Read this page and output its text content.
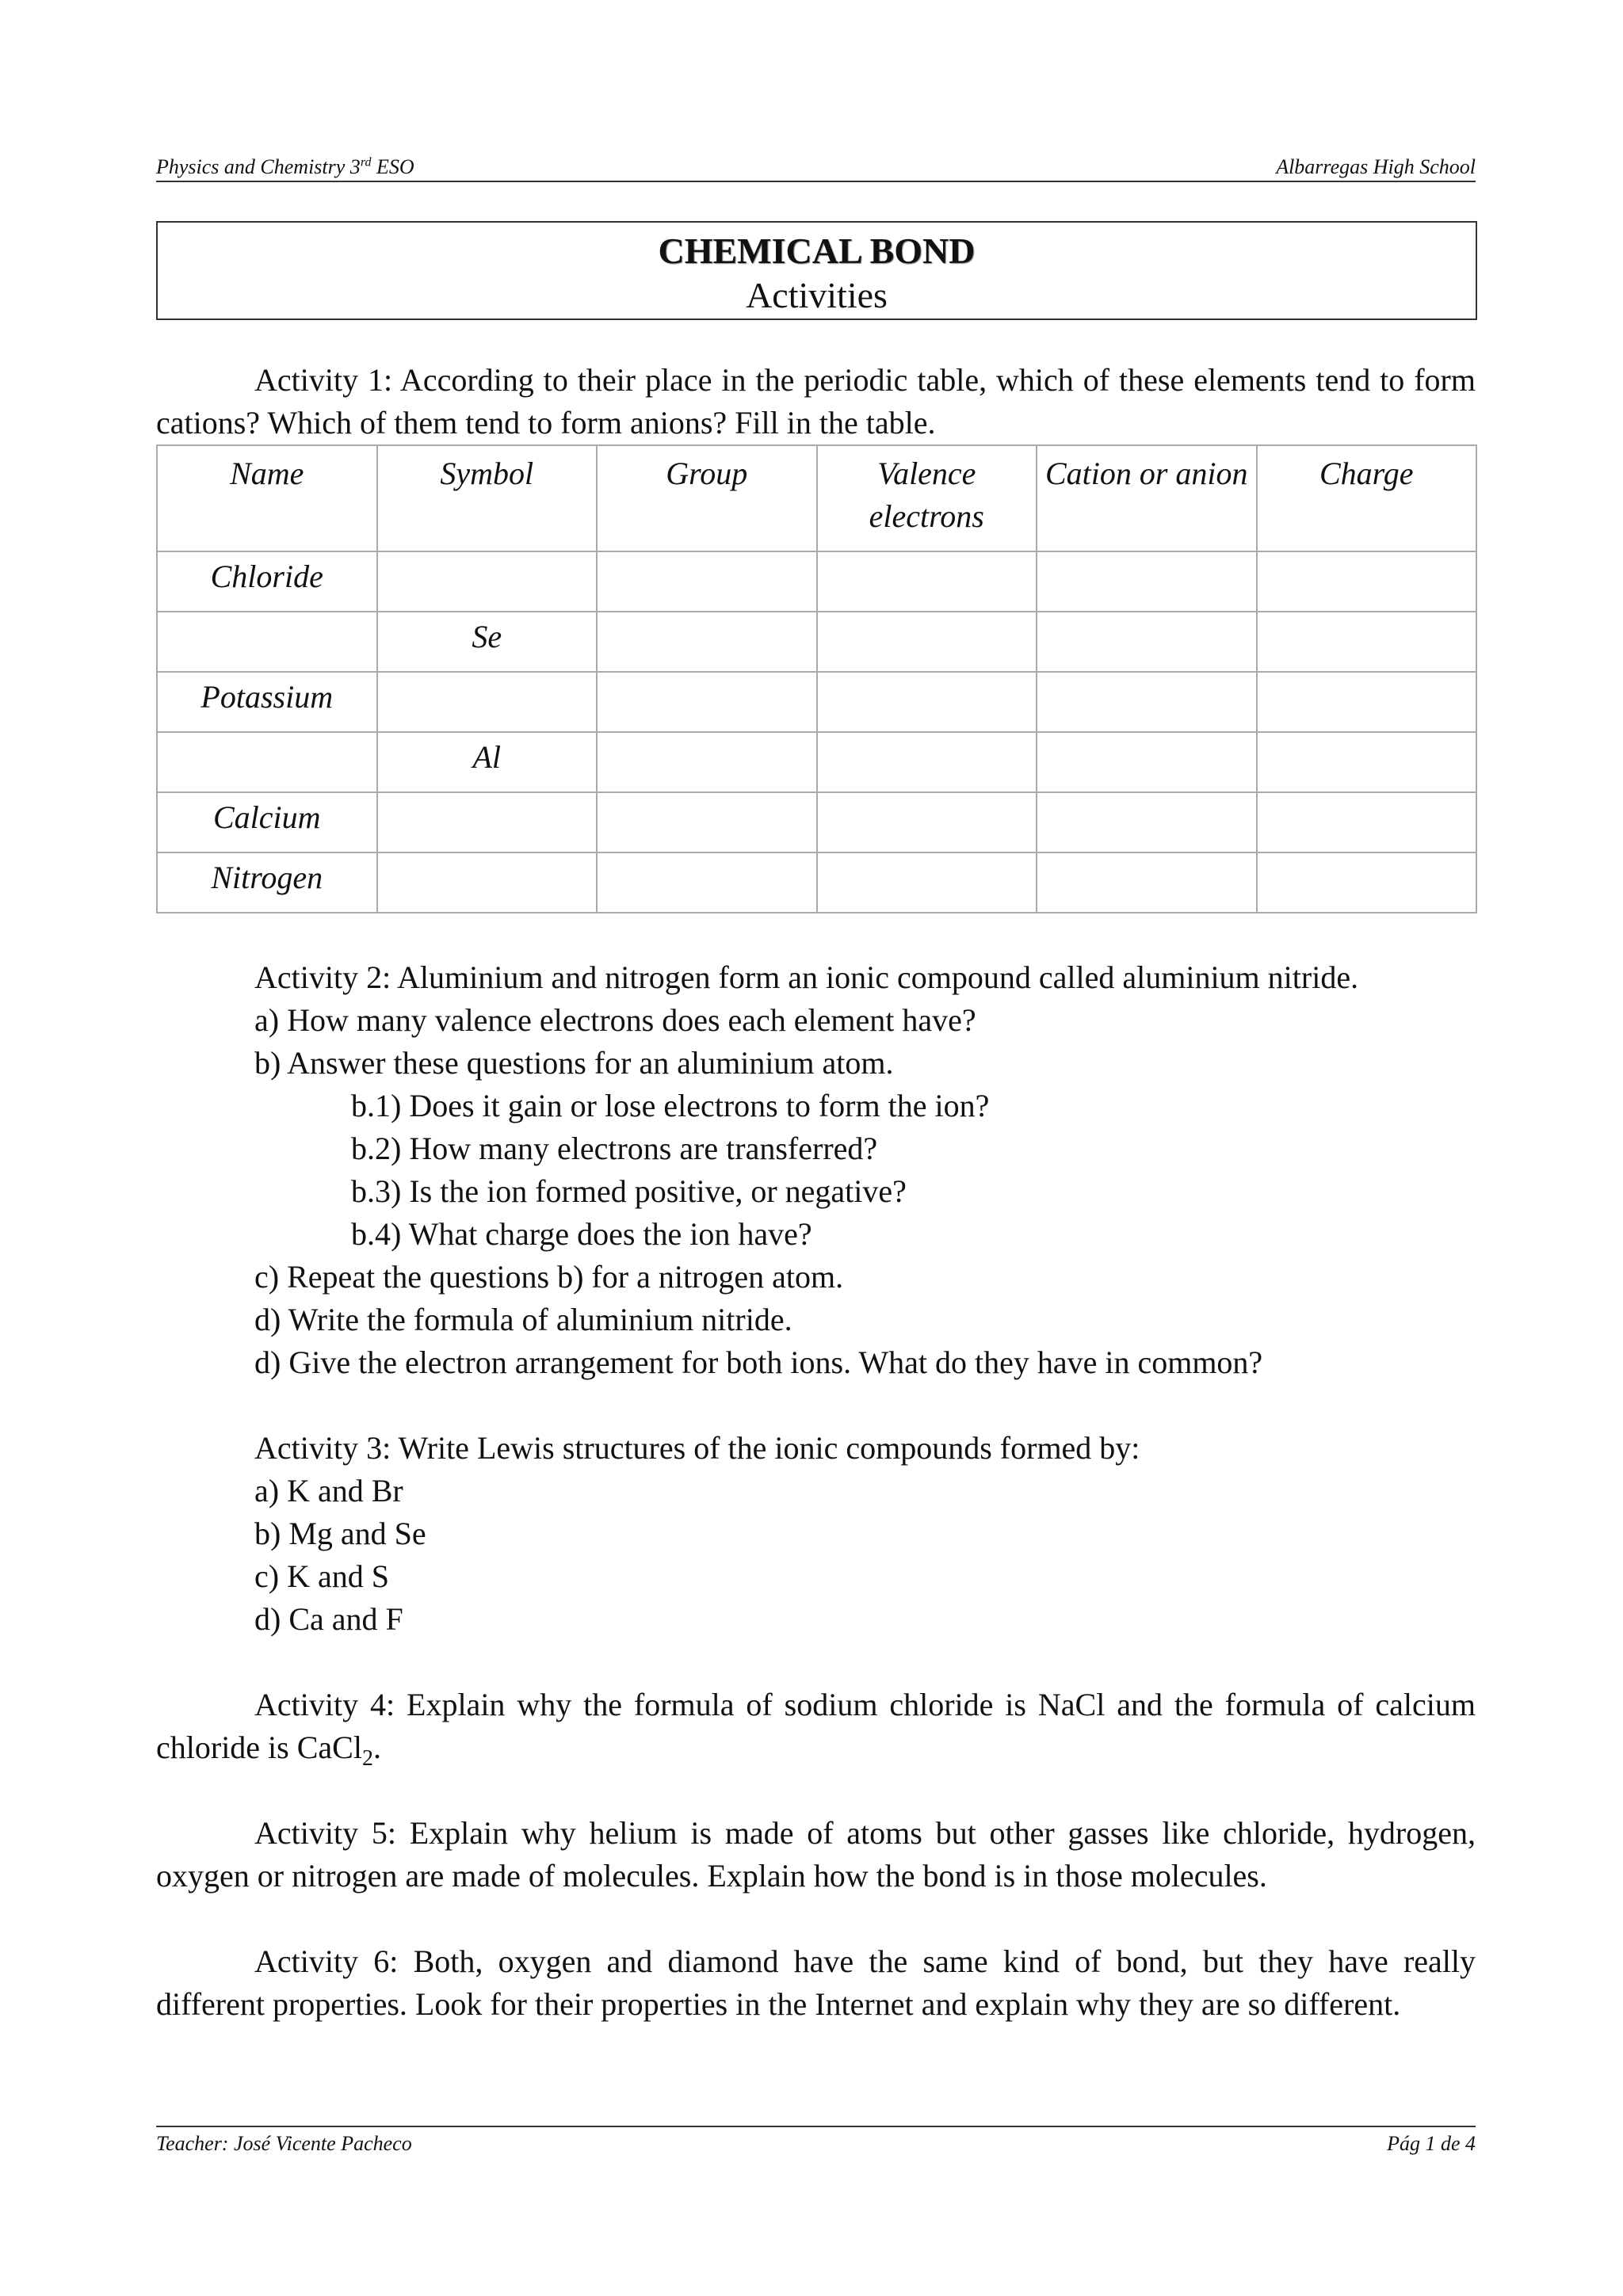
Physics and Chemistry 3rd ESO	Albarregas High School
CHEMICAL BOND
Activities

Activity 1: According to their place in the periodic table, which of these elements tend to form cations? Which of them tend to form anions? Fill in the table.

Name	Symbol	Group	Valence electrons	Cation or anion	Charge
Chloride					
	Se				
Potassium					
	Al				
Calcium					
Nitrogen					

Activity 2: Aluminium and nitrogen form an ionic compound called aluminium nitride.

a) How many valence electrons does each element have?

b) Answer these questions for an aluminium atom.

b.1) Does it gain or lose electrons to form the ion?

b.2) How many electrons are transferred?

b.3) Is the ion formed positive, or negative?

b.4) What charge does the ion have?

c) Repeat the questions b) for a nitrogen atom.

d) Write the formula of aluminium nitride.

d) Give the electron arrangement for both ions. What do they have in common?

Activity 3: Write Lewis structures of the ionic compounds formed by:

a) K and Br

b) Mg and Se

c) K and S

d) Ca and F

Activity 4: Explain why the formula of sodium chloride is NaCl and the formula of calcium chloride is CaCl$_2$.

Activity 5: Explain why helium is made of atoms but other gasses like chloride, hydrogen, oxygen or nitrogen are made of molecules. Explain how the bond is in those molecules.

Activity 6: Both, oxygen and diamond have the same kind of bond, but they have really different properties. Look for their properties in the Internet and explain why they are so different.

Teacher: José Vicente Pacheco	Pág 1 de 4
